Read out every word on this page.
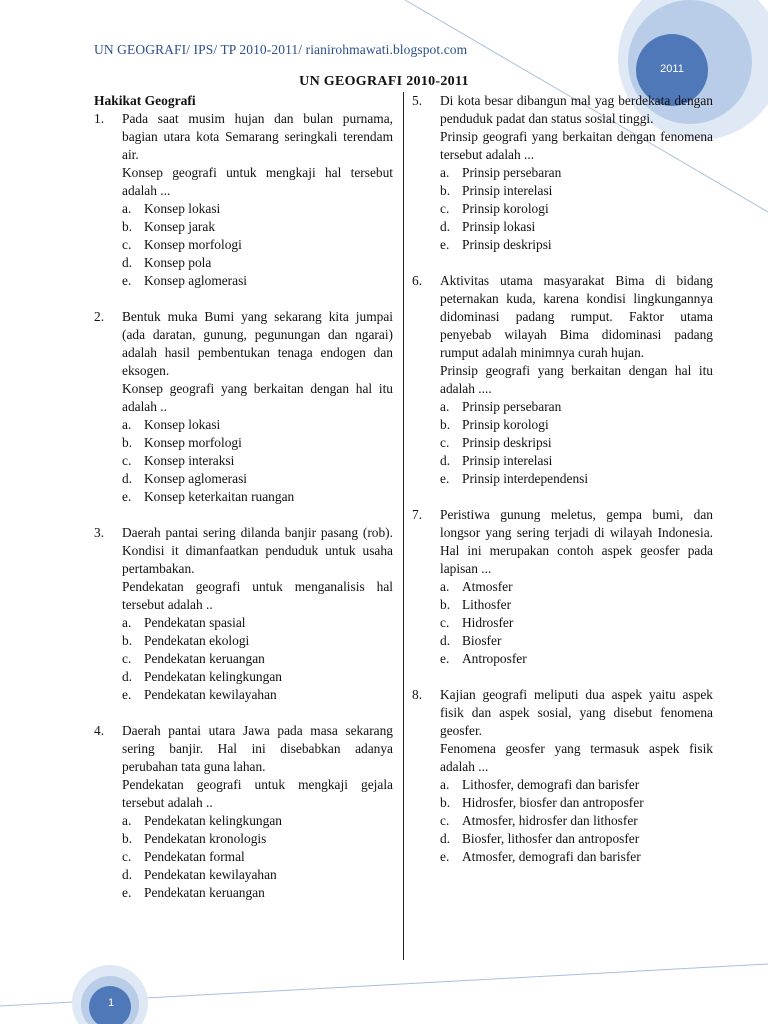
UN GEOGRAFI/ IPS/ TP 2010-2011/ rianirohmawati.blogspot.com
2011
UN GEOGRAFI 2010-2011

Hakikat Geografi

1.	Pada saat musim hujan dan bulan purnama, bagian utara kota Semarang seringkali terendam air.

Konsep geografi untuk mengkaji hal tersebut adalah ...

a. Konsep lokasi
b. Konsep jarak
c. Konsep morfologi
d. Konsep pola
e. Konsep aglomerasi
2.	Bentuk muka Bumi yang sekarang kita jumpai (ada daratan, gunung, pegunungan dan ngarai) adalah hasil pembentukan tenaga endogen dan eksogen.

Konsep geografi yang berkaitan dengan hal itu adalah ..

a. Konsep lokasi
b. Konsep morfologi
c. Konsep interaksi
d. Konsep aglomerasi
e. Konsep keterkaitan ruangan
3.	Daerah pantai sering dilanda banjir pasang (rob). Kondisi it dimanfaatkan penduduk untuk usaha pertambakan.

Pendekatan geografi untuk menganalisis hal tersebut adalah ..

a. Pendekatan spasial
b. Pendekatan ekologi
c. Pendekatan keruangan
d. Pendekatan kelingkungan
e. Pendekatan kewilayahan
4.	Daerah pantai utara Jawa pada masa sekarang sering banjir. Hal ini disebabkan adanya perubahan tata guna lahan.

Pendekatan geografi untuk mengkaji gejala tersebut adalah ..

a. Pendekatan kelingkungan
b. Pendekatan kronologis
c. Pendekatan formal
d. Pendekatan kewilayahan
e. Pendekatan keruangan
5.	Di kota besar dibangun mal yag berdekata dengan penduduk padat dan status sosial tinggi.

Prinsip geografi yang berkaitan dengan fenomena tersebut adalah ...

a. Prinsip persebaran
b. Prinsip interelasi
c. Prinsip korologi
d. Prinsip lokasi
e. Prinsip deskripsi
6.	Aktivitas utama masyarakat Bima di bidang peternakan kuda, karena kondisi lingkungannya didominasi padang rumput. Faktor utama penyebab wilayah Bima didominasi padang rumput adalah minimnya curah hujan.

Prinsip geografi yang berkaitan dengan hal itu adalah ....

a. Prinsip persebaran
b. Prinsip korologi
c. Prinsip deskripsi
d. Prinsip interelasi
e. Prinsip interdependensi
7.	Peristiwa gunung meletus, gempa bumi, dan longsor yang sering terjadi di wilayah Indonesia. Hal ini merupakan contoh aspek geosfer pada lapisan ...

a. Atmosfer
b. Lithosfer
c. Hidrosfer
d. Biosfer
e. Antroposfer
8.	Kajian geografi meliputi dua aspek yaitu aspek fisik dan aspek sosial, yang disebut fenomena geosfer.

Fenomena geosfer yang termasuk aspek fisik adalah ...

a. Lithosfer, demografi dan barisfer
b. Hidrosfer, biosfer dan antroposfer
c. Atmosfer, hidrosfer dan lithosfer
d. Biosfer, lithosfer dan antroposfer
e. Atmosfer, demografi dan barisfer
1
